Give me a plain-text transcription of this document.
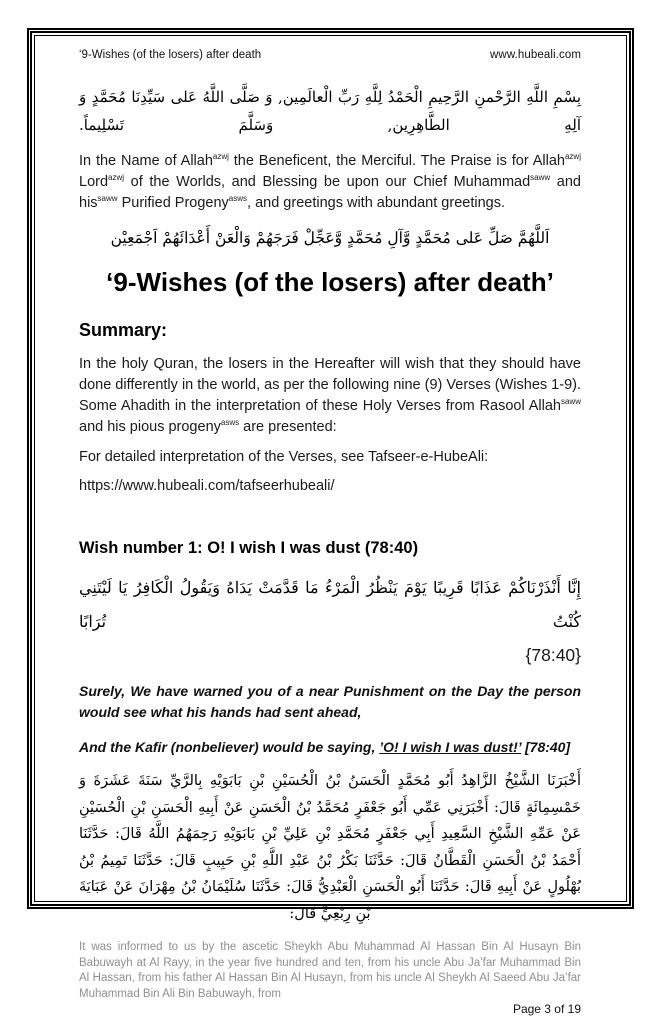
‘9-Wishes (of the losers) after death	www.hubeali.com
بِسْمِ اللَّهِ الرَّحْمنِ الرَّحِيمِ الْحَمْدُ لِلَّهِ رَبِّ الْعالَمِين, وَ صَلَّى اللَّهُ عَلى سَيِّدِنَا مُحَمَّدٍ وَ آلِهِ الطَّاهِرِين, وَسَلَّمَ تَسْلِيماً.

In the Name of Allah$^{azwj}$ the Beneficent, the Merciful. The Praise is for Allah$^{azwj}$ Lord$^{azwj}$ of the Worlds, and Blessing be upon our Chief Muhammad$^{saww}$ and his$^{saww}$ Purified Progeny$^{asws}$, and greetings with abundant greetings.

اَللَّهُمَّ صَلِّ عَلى مُحَمَّدٍ وَّآلِ مُحَمَّدٍ وَّعَجِّلْ فَرَجَهُمْ وَالْعَنْ أَعْدَائَهُمْ اَجْمَعِيْن
‘9-Wishes (of the losers) after death’
Summary:

In the holy Quran, the losers in the Hereafter will wish that they should have done differently in the world, as per the following nine (9) Verses (Wishes 1-9). Some Ahadith in the interpretation of these Holy Verses from Rasool Allah$^{saww}$ and his pious progeny$^{asws}$ are presented:

For detailed interpretation of the Verses, see Tafseer-e-HubeAli:

https://www.hubeali.com/tafseerhubeali/

Wish number 1: O! I wish I was dust (78:40)
إِنَّا أَنْذَرْنَاكُمْ عَذَابًا قَرِيبًا يَوْمَ يَنْظُرُ الْمَرْءُ مَا قَدَّمَتْ يَدَاهُ وَيَقُولُ الْكَافِرُ يَا لَيْتَنِي كُنْتُ تُرَابًا
{78:40}

Surely, We have warned you of a near Punishment on the Day the person would see what his hands had sent ahead,

And the Kafir (nonbeliever) would be saying, ’O! I wish I was dust!’ [78:40]

أَخْبَرَنَا الشَّيْخُ الزَّاهِدُ أَبُو مُحَمَّدٍ الْحَسَنُ بْنُ الْحُسَيْنِ بْنِ بَابَوَيْهِ بِالرَّيِّ سَنَةَ عَشَرَةَ وَ خَمْسِمِائَةٍ قَالَ: أَخْبَرَنِي عَمِّي أَبُو جَعْفَرٍ مُحَمَّدُ بْنُ الْحَسَنِ عَنْ أَبِيهِ الْحَسَنِ بْنِ الْحُسَيْنِ عَنْ عَمِّهِ الشَّيْخِ السَّعِيدِ أَبِي جَعْفَرٍ مُحَمَّدِ بْنِ عَلِيِّ بْنِ بَابَوَيْهِ رَحِمَهُمُ اللَّهُ قَالَ: حَدَّثَنَا أَحْمَدُ بْنُ الْحَسَنِ الْقَطَّانُ قَالَ: حَدَّثَنَا بَكْرُ بْنُ عَبْدِ اللَّهِ بْنِ حَبِيبٍ قَالَ: حَدَّثَنَا تَمِيمُ بْنُ بُهْلُولٍ عَنْ أَبِيهِ قَالَ: حَدَّثَنَا أَبُو الْحَسَنِ الْعَبْدِيُّ قَالَ: حَدَّثَنَا سُلَيْمَانُ بْنُ مِهْرَانَ عَنْ عَبَايَةَ بْنِ رِبْعِيٍّ قَالَ:

It was informed to us by the ascetic Sheykh Abu Muhammad Al Hassan Bin Al Husayn Bin Babuwayh at Al Rayy, in the year five hundred and ten, from his uncle Abu Ja’far Muhammad Bin Al Hassan, from his father Al Hassan Bin Al Husayn, from his uncle Al Sheykh Al Saeed Abu Ja’far Muhammad Bin Ali Bin Babuwayh, from

Page 3 of 19
